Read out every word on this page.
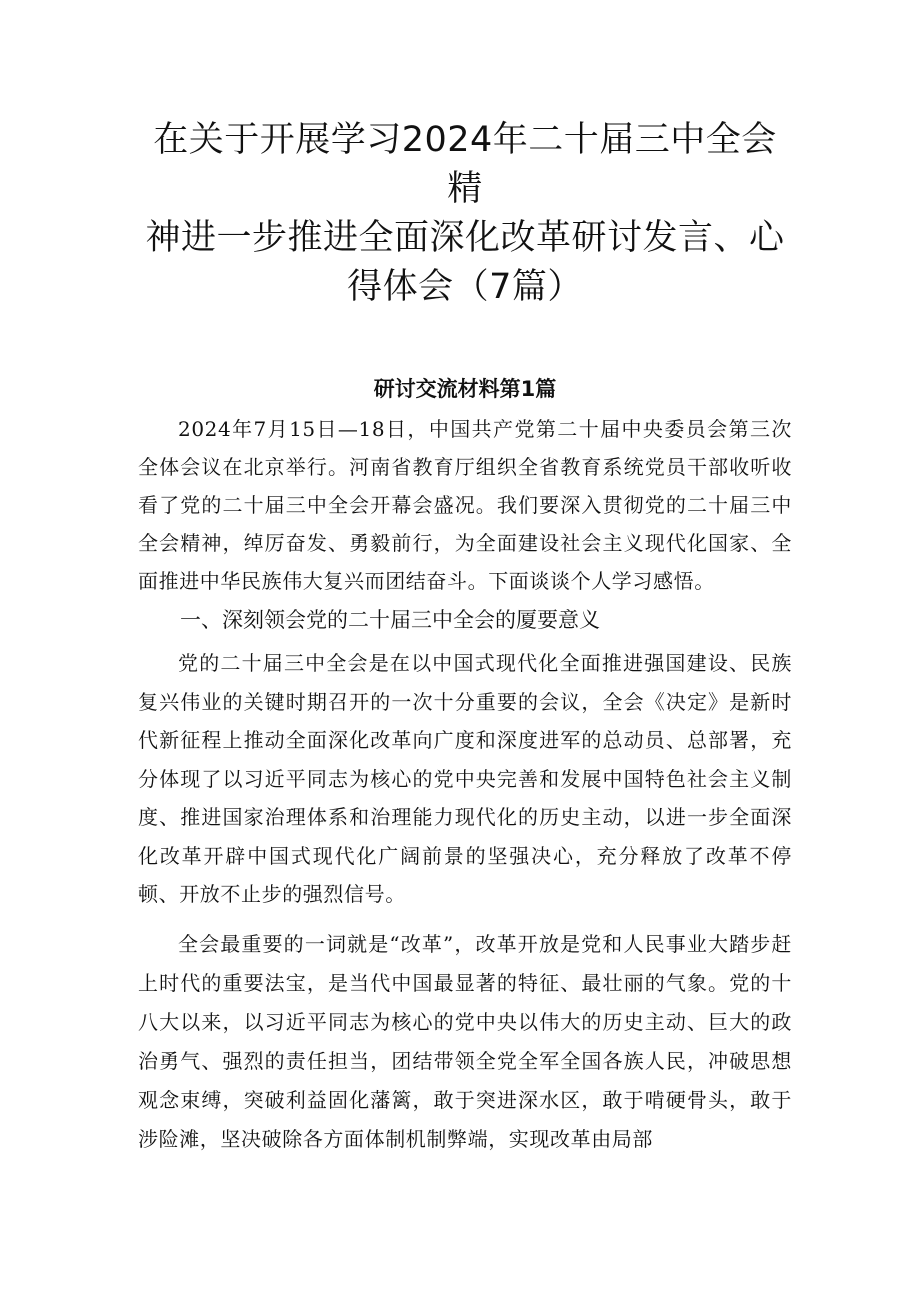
在关于开展学习2024年二十届三中全会精
神进一步推进全面深化改革研讨发言、心
得体会（7篇）
研讨交流材料第1篇

2024年7月15日—18日，中国共产党第二十届中央委员会第三次全体会议在北京举行。河南省教育厅组织全省教育系统党员干部收听收看了党的二十届三中全会开幕会盛况。我们要深入贯彻党的二十届三中全会精神，绰厉奋发、勇毅前行，为全面建设社会主义现代化国家、全面推进中华民族伟大复兴而团结奋斗。下面谈谈个人学习感悟。

一、深刻领会党的二十届三中全会的厦要意义

党的二十届三中全会是在以中国式现代化全面推进强国建设、民族复兴伟业的关键时期召开的一次十分重要的会议，全会《决定》是新时代新征程上推动全面深化改革向广度和深度进军的总动员、总部署，充分体现了以习近平同志为核心的党中央完善和发展中国特色社会主义制度、推进国家治理体系和治理能力现代化的历史主动，以进一步全面深化改革开辟中国式现代化广阔前景的坚强决心，充分释放了改革不停顿、开放不止步的强烈信号。

全会最重要的一词就是“改革”，改革开放是党和人民事业大踏步赶上时代的重要法宝，是当代中国最显著的特征、最壮丽的气象。党的十八大以来，以习近平同志为核心的党中央以伟大的历史主动、巨大的政治勇气、强烈的责任担当，团结带领全党全军全国各族人民，冲破思想观念束缚，突破利益固化藩篱，敢于突进深水区，敢于啃硬骨头，敢于涉险滩，坚决破除各方面体制机制弊端，实现改革由局部
